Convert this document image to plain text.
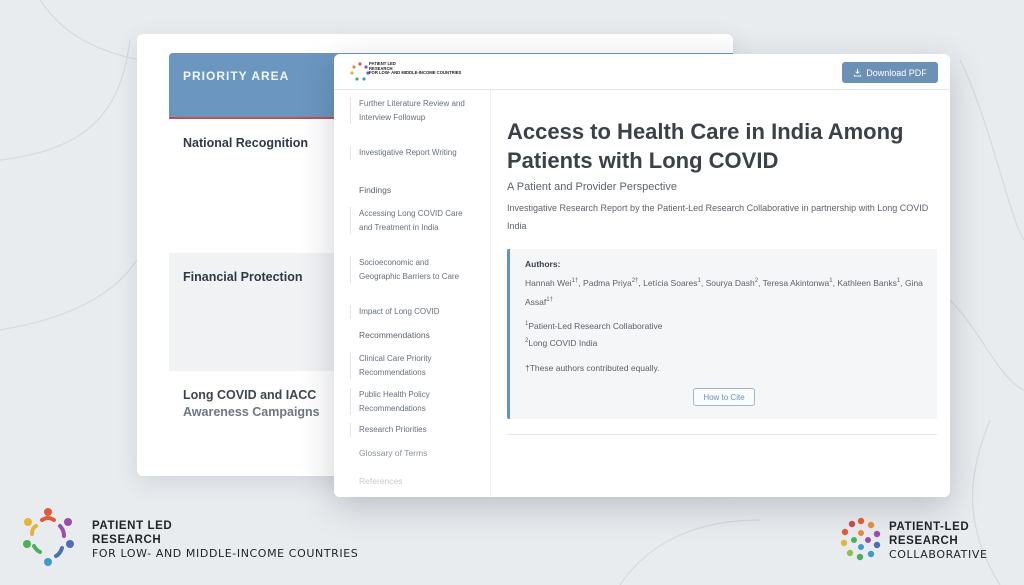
PRIORITY AREA
National Recognition
Financial Protection
Long COVID and IACC
Awareness Campaigns
PATIENT LED
RESEARCH
FOR LOW- AND MIDDLE-INCOME COUNTRIES	Download PDF
Further Literature Review and Interview Followup
Investigative Report Writing
Findings
Accessing Long COVID Care and Treatment in India
Socioeconomic and Geographic Barriers to Care
Impact of Long COVID
Recommendations
Clinical Care Priority Recommendations
Public Health Policy Recommendations
Research Priorities
Glossary of Terms
References
Access to Health Care in India Among Patients with Long COVID
A Patient and Provider Perspective
Investigative Research Report by the Patient-Led Research Collaborative in partnership with Long COVID India
Authors:
Hannah Wei$^{1\dagger}$, Padma Priya$^{2\dagger}$, Letícia Soares$^1$, Sourya Dash$^2$, Teresa Akintonwa$^1$, Kathleen Banks$^1$, Gina Assaf$^{1\dagger}$
$^1$Patient-Led Research Collaborative
$^2$Long COVID India
†These authors contributed equally.
How to Cite
PATIENT LED
RESEARCH
FOR LOW- AND MIDDLE-INCOME COUNTRIES
PATIENT-LED
RESEARCH
COLLABORATIVE
